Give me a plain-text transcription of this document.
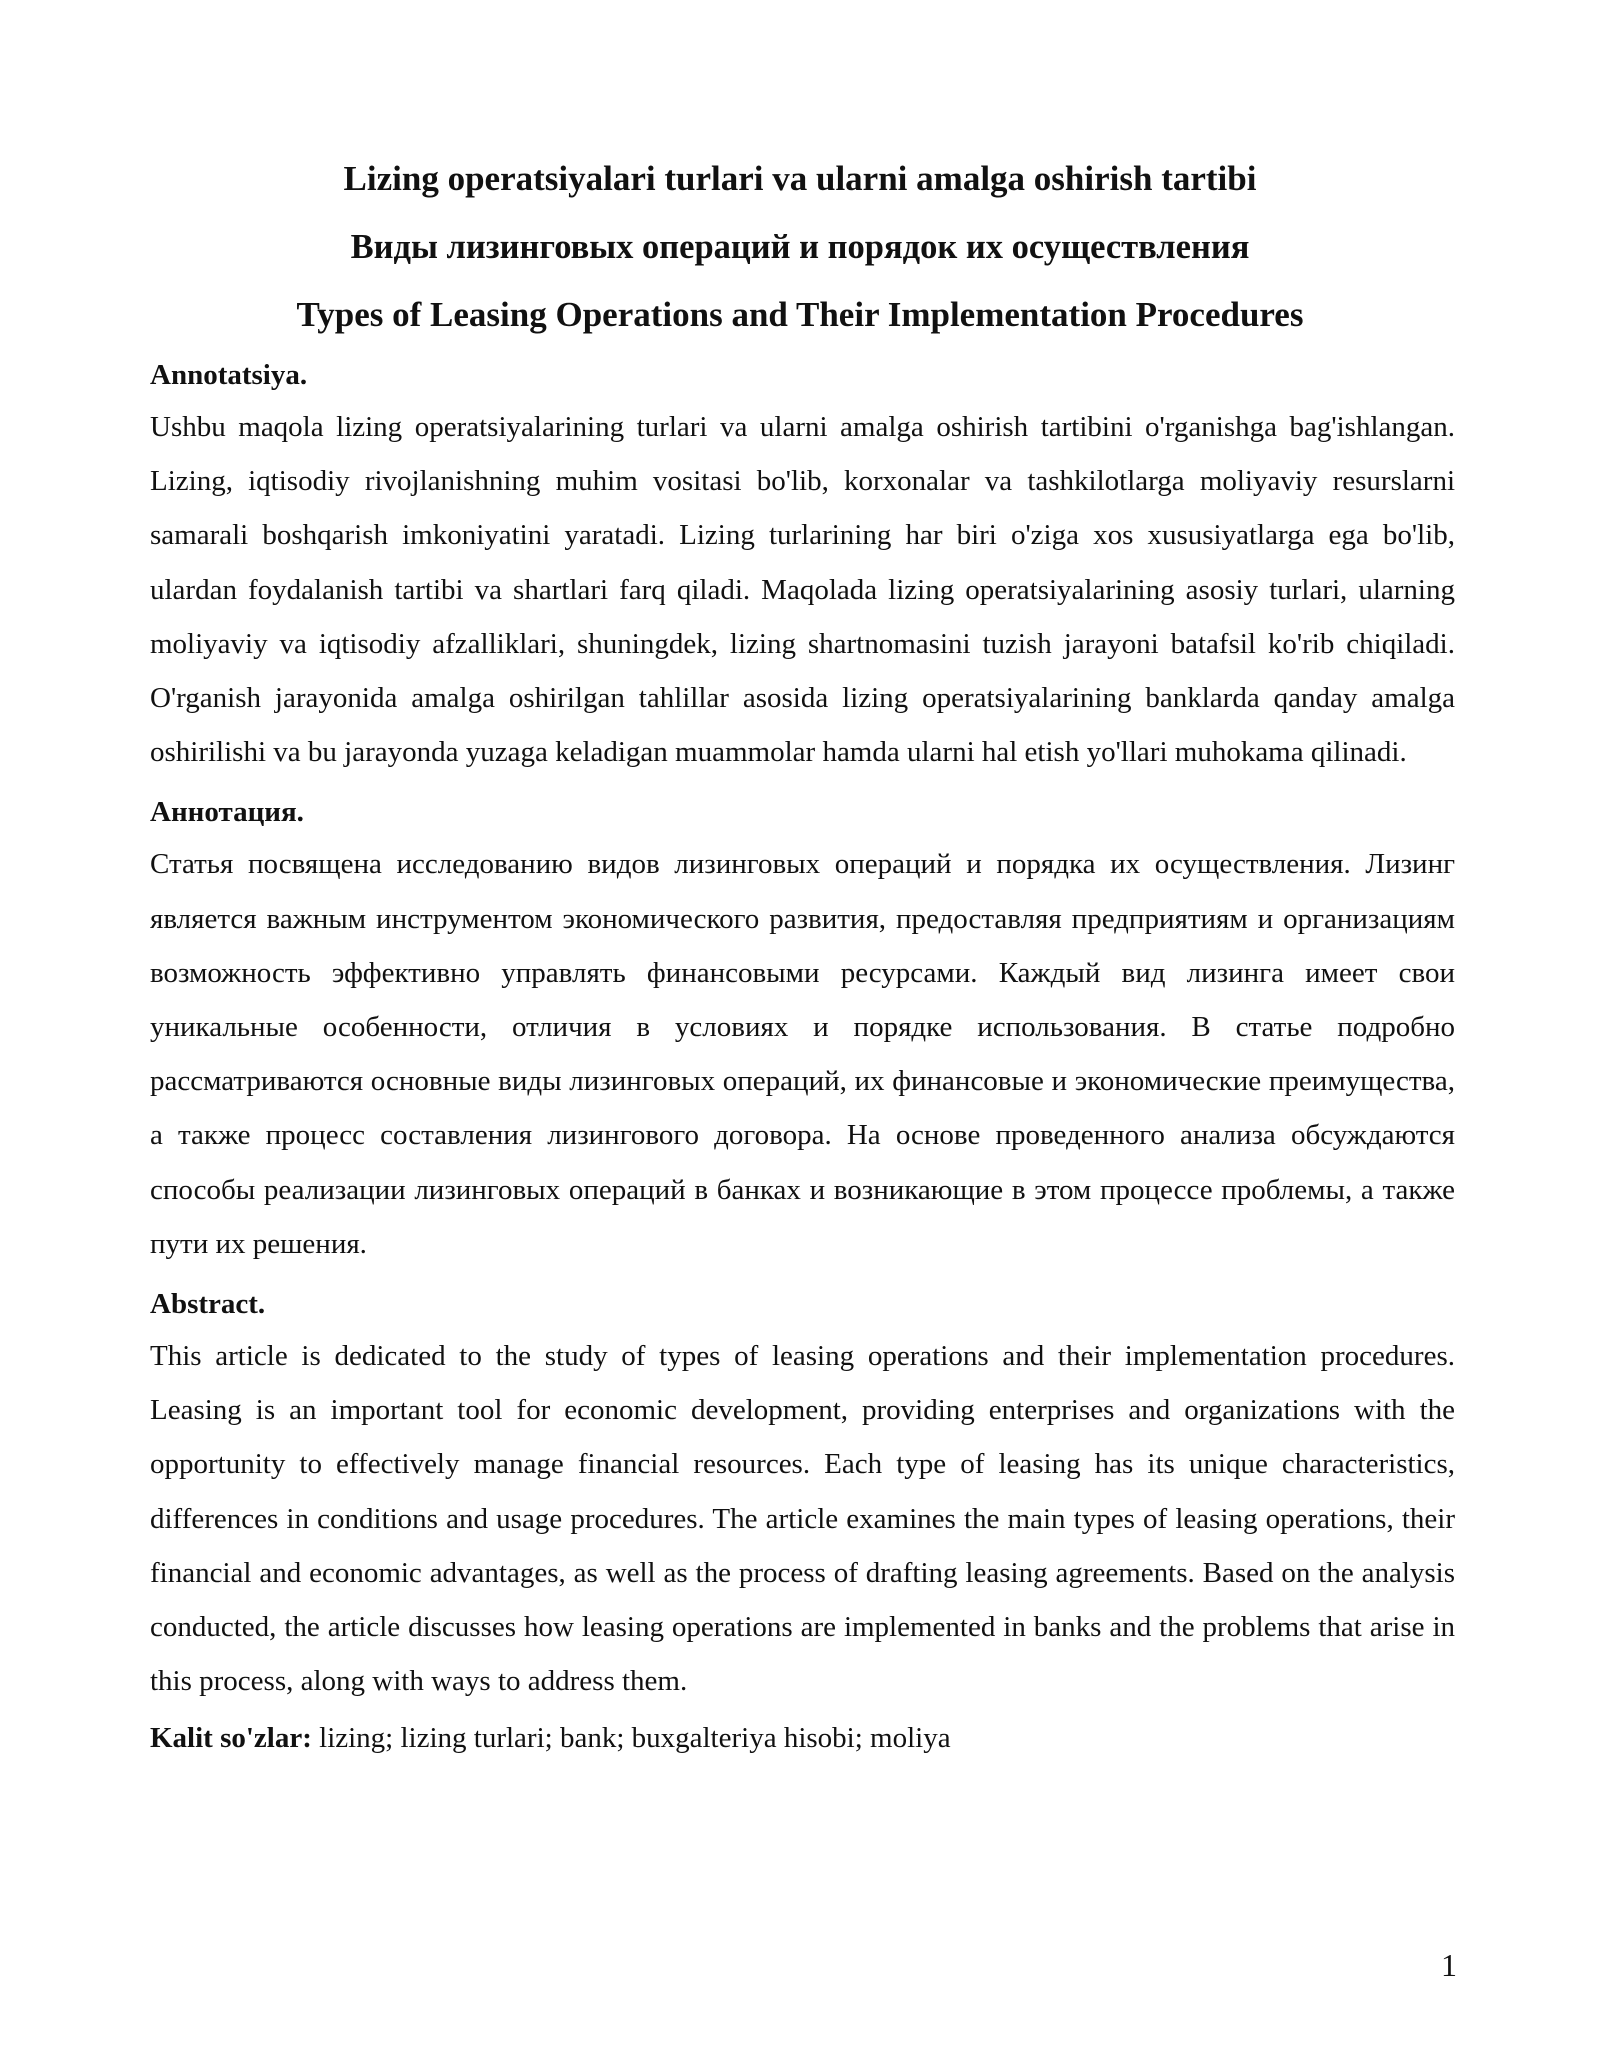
Lizing operatsiyalari turlari va ularni amalga oshirish tartibi
Виды лизинговых операций и порядок их осуществления
Types of Leasing Operations and Their Implementation Procedures

Annotatsiya.

Ushbu maqola lizing operatsiyalarining turlari va ularni amalga oshirish tartibini o'rganishga bag'ishlangan. Lizing, iqtisodiy rivojlanishning muhim vositasi bo'lib, korxonalar va tashkilotlarga moliyaviy resurslarni samarali boshqarish imkoniyatini yaratadi. Lizing turlarining har biri o'ziga xos xususiyatlarga ega bo'lib, ulardan foydalanish tartibi va shartlari farq qiladi. Maqolada lizing operatsiyalarining asosiy turlari, ularning moliyaviy va iqtisodiy afzalliklari, shuningdek, lizing shartnomasini tuzish jarayoni batafsil ko'rib chiqiladi. O'rganish jarayonida amalga oshirilgan tahlillar asosida lizing operatsiyalarining banklarda qanday amalga oshirilishi va bu jarayonda yuzaga keladigan muammolar hamda ularni hal etish yo'llari muhokama qilinadi.

Аннотация.

Статья посвящена исследованию видов лизинговых операций и порядка их осуществления. Лизинг является важным инструментом экономического развития, предоставляя предприятиям и организациям возможность эффективно управлять финансовыми ресурсами. Каждый вид лизинга имеет свои уникальные особенности, отличия в условиях и порядке использования. В статье подробно рассматриваются основные виды лизинговых операций, их финансовые и экономические преимущества, а также процесс составления лизингового договора. На основе проведенного анализа обсуждаются способы реализации лизинговых операций в банках и возникающие в этом процессе проблемы, а также пути их решения.

Abstract.

This article is dedicated to the study of types of leasing operations and their implementation procedures. Leasing is an important tool for economic development, providing enterprises and organizations with the opportunity to effectively manage financial resources. Each type of leasing has its unique characteristics, differences in conditions and usage procedures. The article examines the main types of leasing operations, their financial and economic advantages, as well as the process of drafting leasing agreements. Based on the analysis conducted, the article discusses how leasing operations are implemented in banks and the problems that arise in this process, along with ways to address them.

Kalit so'zlar: lizing; lizing turlari; bank; buxgalteriya hisobi; moliya

1
